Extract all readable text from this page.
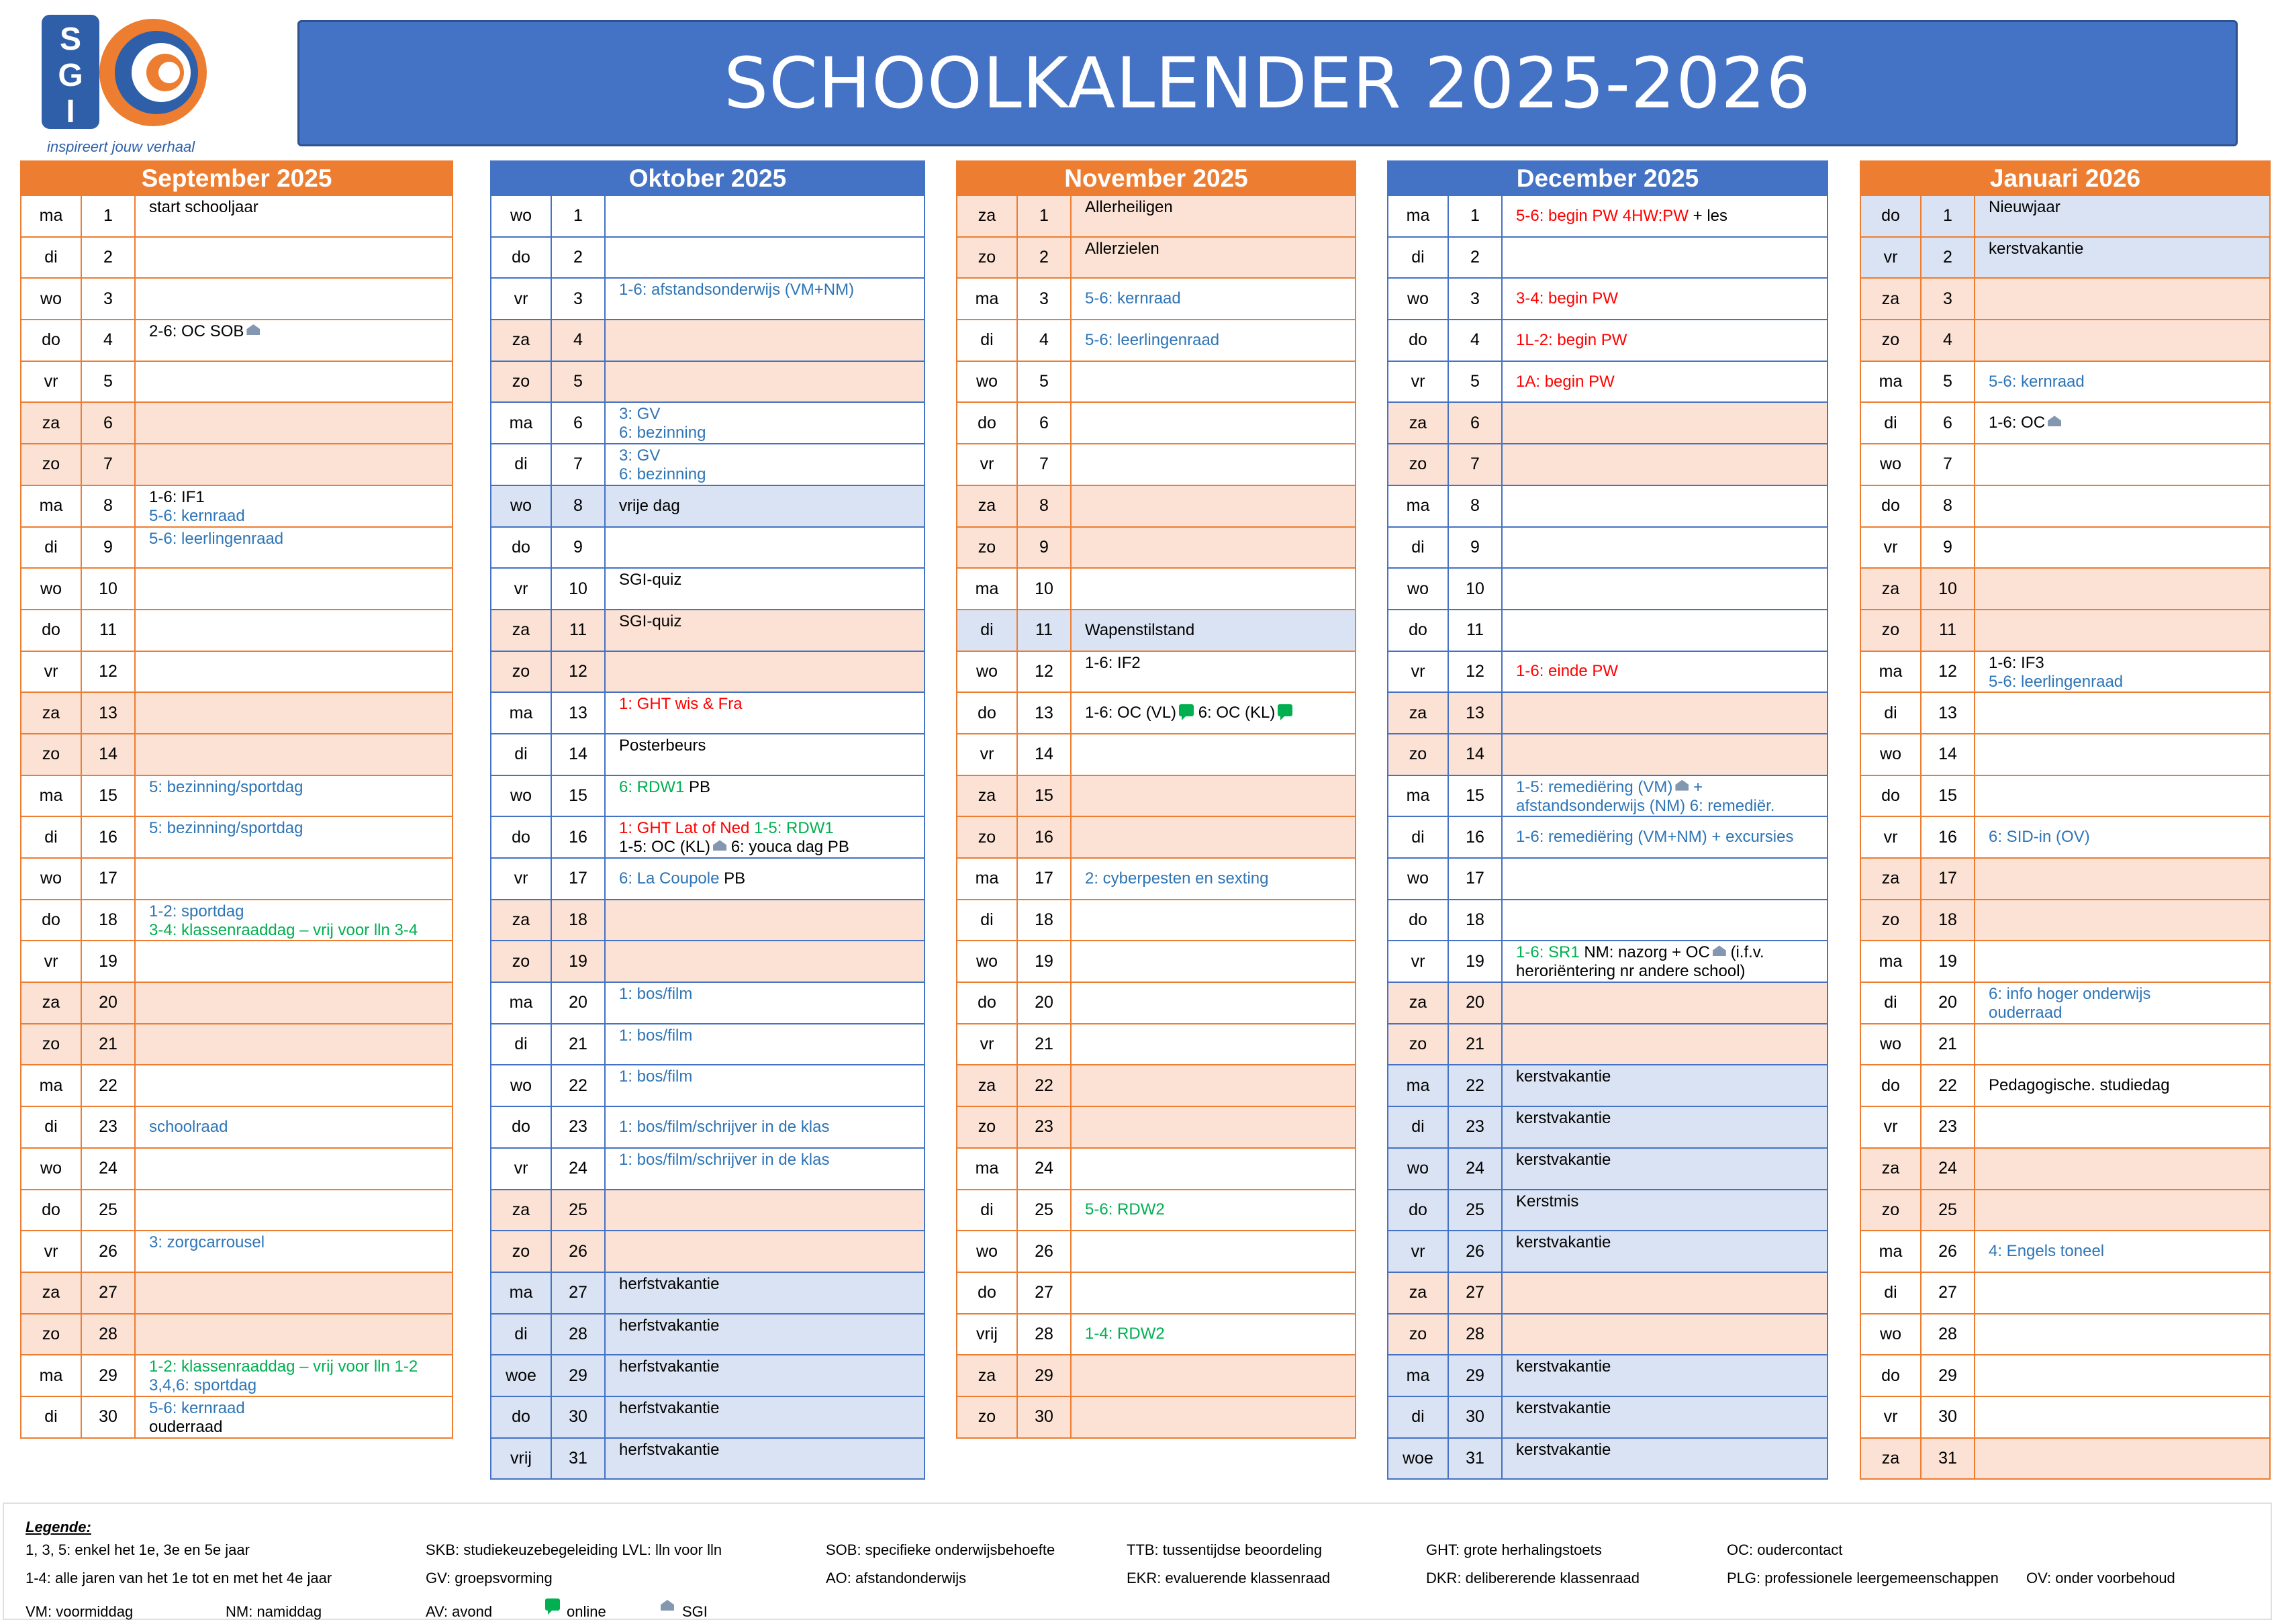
S
G
I
inspireert jouw verhaal
SCHOOLKALENDER 2025-2026
September 2025
ma	1	start schooljaar
di	2
wo	3
do	4	2-6: OC SOB
vr	5
za	6
zo	7
ma	8	1-6: IF1
5-6: kernraad
di	9	5-6: leerlingenraad
wo	10
do	11
vr	12
za	13
zo	14
ma	15	5: bezinning/sportdag
di	16	5: bezinning/sportdag
wo	17
do	18	1-2: sportdag
3-4: klassenraaddag – vrij voor lln 3-4
vr	19
za	20
zo	21
ma	22
di	23	schoolraad
wo	24
do	25
vr	26	3: zorgcarrousel
za	27
zo	28
ma	29	1-2: klassenraaddag – vrij voor lln 1-2
3,4,6: sportdag
di	30	5-6: kernraad
ouderraad
Oktober 2025
wo	1
do	2
vr	3	1-6: afstandsonderwijs (VM+NM)
za	4
zo	5
ma	6	3: GV
6: bezinning
di	7	3: GV
6: bezinning
wo	8	vrije dag
do	9
vr	10	SGI-quiz
za	11	SGI-quiz
zo	12
ma	13	1: GHT wis & Fra
di	14	Posterbeurs
wo	15	6: RDW1 PB
do	16	1: GHT Lat of Ned 1-5: RDW1
1-5: OC (KL) 6: youca dag PB
vr	17	6: La Coupole PB
za	18
zo	19
ma	20	1: bos/film
di	21	1: bos/film
wo	22	1: bos/film
do	23	1: bos/film/schrijver in de klas
vr	24	1: bos/film/schrijver in de klas
za	25
zo	26
ma	27	herfstvakantie
di	28	herfstvakantie
woe	29	herfstvakantie
do	30	herfstvakantie
vrij	31	herfstvakantie
November 2025
za	1	Allerheiligen
zo	2	Allerzielen
ma	3	5-6: kernraad
di	4	5-6: leerlingenraad
wo	5
do	6
vr	7
za	8
zo	9
ma	10
di	11	Wapenstilstand
wo	12	1-6: IF2
do	13	1-6: OC (VL) 6: OC (KL)
vr	14
za	15
zo	16
ma	17	2: cyberpesten en sexting
di	18
wo	19
do	20
vr	21
za	22
zo	23
ma	24
di	25	5-6: RDW2
wo	26
do	27
vrij	28	1-4: RDW2
za	29
zo	30
December 2025
ma	1	5-6: begin PW 4HW:PW + les
di	2
wo	3	3-4: begin PW
do	4	1L-2: begin PW
vr	5	1A: begin PW
za	6
zo	7
ma	8
di	9
wo	10
do	11
vr	12	1-6: einde PW
za	13
zo	14
ma	15	1-5: remediëring (VM) +
afstandsonderwijs (NM) 6: remediër.
di	16	1-6: remediëring (VM+NM) + excursies
wo	17
do	18
vr	19	1-6: SR1 NM: nazorg + OC (i.f.v.
heroriëntering nr andere school)
za	20
zo	21
ma	22	kerstvakantie
di	23	kerstvakantie
wo	24	kerstvakantie
do	25	Kerstmis
vr	26	kerstvakantie
za	27
zo	28
ma	29	kerstvakantie
di	30	kerstvakantie
woe	31	kerstvakantie
Januari 2026
do	1	Nieuwjaar
vr	2	kerstvakantie
za	3
zo	4
ma	5	5-6: kernraad
di	6	1-6: OC
wo	7
do	8
vr	9
za	10
zo	11
ma	12	1-6: IF3
5-6: leerlingenraad
di	13
wo	14
do	15
vr	16	6: SID-in (OV)
za	17
zo	18
ma	19
di	20	6: info hoger onderwijs
ouderraad
wo	21
do	22	Pedagogische. studiedag
vr	23
za	24
zo	25
ma	26	4: Engels toneel
di	27
wo	28
do	29
vr	30
za	31
Legende:
1, 3, 5: enkel het 1e, 3e en 5e jaar	SKB: studiekeuzebegeleiding LVL: lln voor lln	SOB: specifieke onderwijsbehoefte	TTB: tussentijdse beoordeling	GHT: grote herhalingstoets	OC: oudercontact
1-4: alle jaren van het 1e tot en met het 4e jaar	GV: groepsvorming	AO: afstandonderwijs	EKR: evaluerende klassenraad	DKR: delibererende klassenraad	PLG: professionele leergemeenschappen OV: onder voorbehoud
VM: voormiddag	NM: namiddag	AV: avond	online	SGI
